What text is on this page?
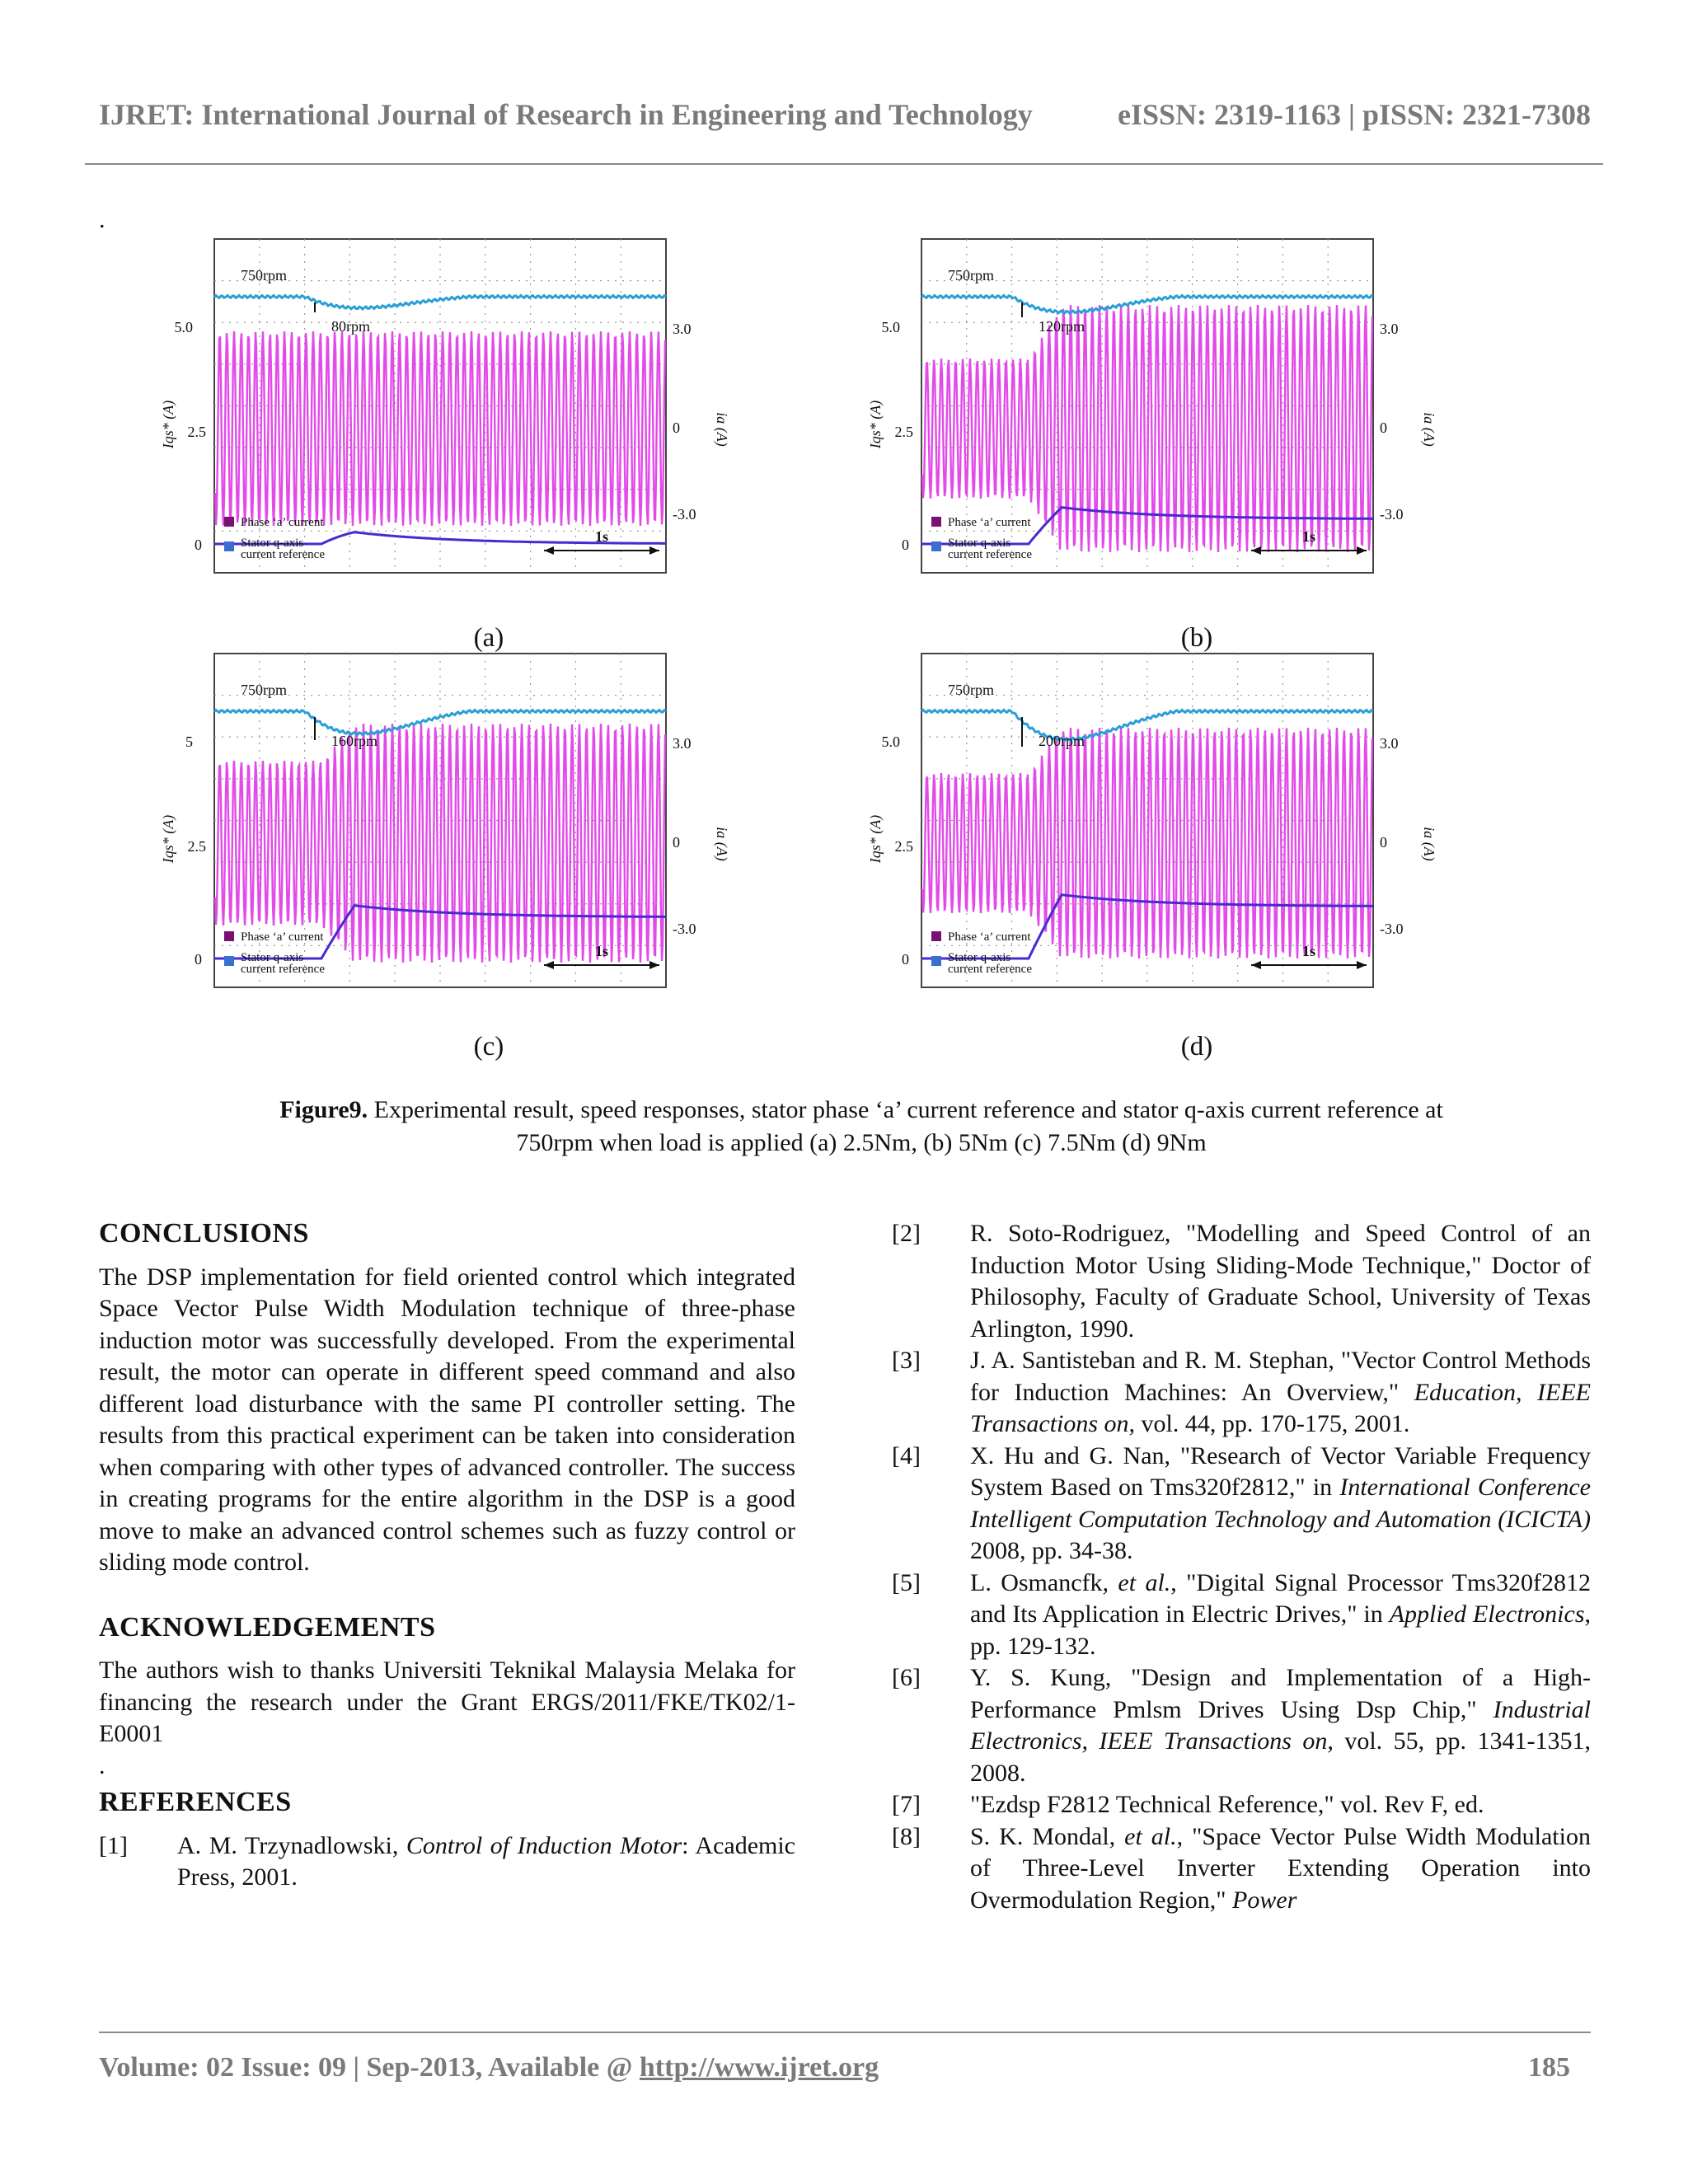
IJRET: International Journal of Research in Engineering and Technology	eISSN: 2319-1163 | pISSN: 2321-7308
.
750rpm
80rpm
5.0
2.5
0
Iqs* (A)
3.0
0
-3.0
ia (A)
Phase ‘a’ current
Stator q-axis
current reference
1s
750rpm
120rpm
5.0
2.5
0
Iqs* (A)
3.0
0
-3.0
ia (A)
Phase ‘a’ current
Stator q-axis
current reference
1s
750rpm
160rpm
5
2.5
0
Iqs* (A)
3.0
0
-3.0
ia (A)
Phase ‘a’ current
Stator q-axis
current reference
1s
750rpm
200rpm
5.0
2.5
0
Iqs* (A)
3.0
0
-3.0
ia (A)
Phase ‘a’ current
Stator q-axis
current reference
1s
(a)	(b)
(c)	(d)
Figure9. Experimental result, speed responses, stator phase ‘a’ current reference and stator q-axis current reference at
750rpm when load is applied (a) 2.5Nm, (b) 5Nm (c) 7.5Nm (d) 9Nm
CONCLUSIONS

The DSP implementation for field oriented control which integrated Space Vector Pulse Width Modulation technique of three-phase induction motor was successfully developed. From the experimental result, the motor can operate in different speed command and also different load disturbance with the same PI controller setting. The results from this practical experiment can be taken into consideration when comparing with other types of advanced controller. The success in creating programs for the entire algorithm in the DSP is a good move to make an advanced control schemes such as fuzzy control or sliding mode control.

ACKNOWLEDGEMENTS

The authors wish to thanks Universiti Teknikal Malaysia Melaka for financing the research under the Grant ERGS/2011/FKE/TK02/1-E0001

.
REFERENCES
[1]	A. M. Trzynadlowski, Control of Induction Motor: Academic Press, 2001.
[2]	R. Soto-Rodriguez, "Modelling and Speed Control of an Induction Motor Using Sliding-Mode Technique," Doctor of Philosophy, Faculty of Graduate School, University of Texas Arlington, 1990.
[3]	J. A. Santisteban and R. M. Stephan, "Vector Control Methods for Induction Machines: An Overview," Education, IEEE Transactions on, vol. 44, pp. 170-175, 2001.
[4]	X. Hu and G. Nan, "Research of Vector Variable Frequency System Based on Tms320f2812," in International Conference Intelligent Computation Technology and Automation (ICICTA) 2008, pp. 34-38.
[5]	L. Osmancfk, et al., "Digital Signal Processor Tms320f2812 and Its Application in Electric Drives," in Applied Electronics, pp. 129-132.
[6]	Y. S. Kung, "Design and Implementation of a High-Performance Pmlsm Drives Using Dsp Chip," Industrial Electronics, IEEE Transactions on, vol. 55, pp. 1341-1351, 2008.
[7]	"Ezdsp F2812 Technical Reference," vol. Rev F, ed.
[8]	S. K. Mondal, et al., "Space Vector Pulse Width Modulation of Three-Level Inverter Extending Operation into Overmodulation Region," Power
Volume: 02 Issue: 09 | Sep-2013, Available @ http://www.ijret.org	185
